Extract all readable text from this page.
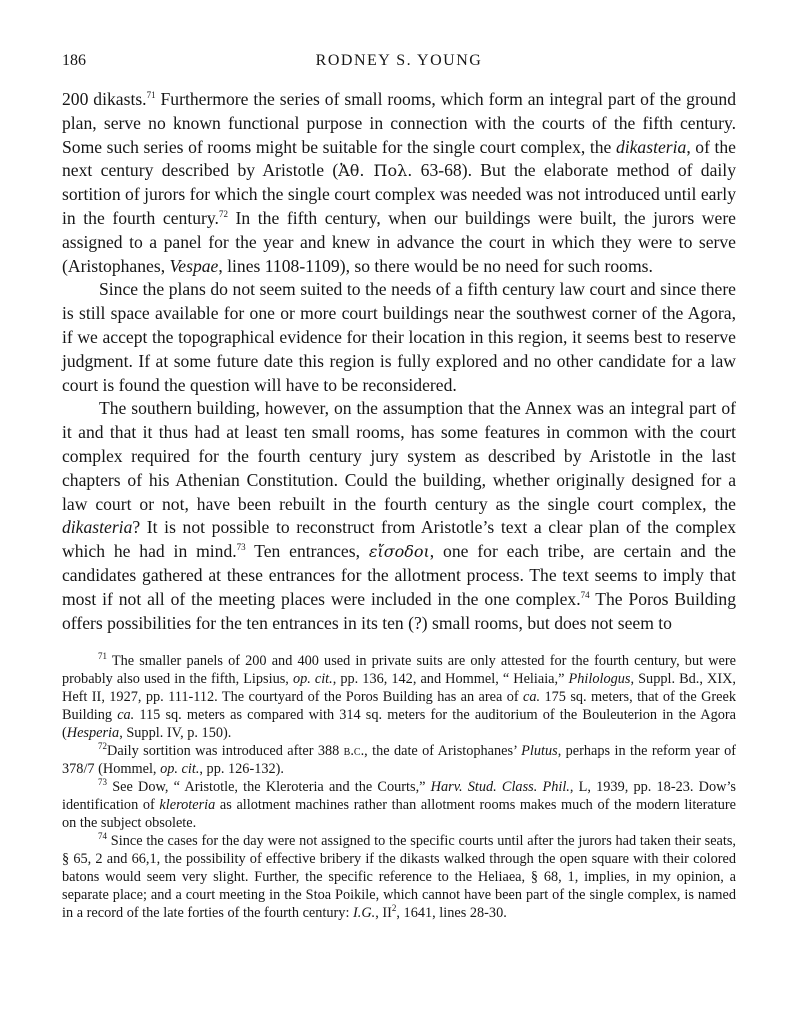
186	RODNEY S. YOUNG

200 dikasts.$^{71}$ Furthermore the series of small rooms, which form an integral part of the ground plan, serve no known functional purpose in connection with the courts of the fifth century. Some such series of rooms might be suitable for the single court complex, the dikasteria, of the next century described by Aristotle (Ἀθ. Πολ. 63-68). But the elaborate method of daily sortition of jurors for which the single court complex was needed was not introduced until early in the fourth century.$^{72}$ In the fifth century, when our buildings were built, the jurors were assigned to a panel for the year and knew in advance the court in which they were to serve (Aristophanes, Vespae, lines 1108-1109), so there would be no need for such rooms.

Since the plans do not seem suited to the needs of a fifth century law court and since there is still space available for one or more court buildings near the southwest corner of the Agora, if we accept the topographical evidence for their location in this region, it seems best to reserve judgment. If at some future date this region is fully explored and no other candidate for a law court is found the question will have to be reconsidered.

The southern building, however, on the assumption that the Annex was an integral part of it and that it thus had at least ten small rooms, has some features in common with the court complex required for the fourth century jury system as described by Aristotle in the last chapters of his Athenian Constitution. Could the building, whether originally designed for a law court or not, have been rebuilt in the fourth century as the single court complex, the dikasteria? It is not possible to reconstruct from Aristotle’s text a clear plan of the complex which he had in mind.$^{73}$ Ten entrances, εἴσοδοι, one for each tribe, are certain and the candidates gathered at these entrances for the allotment process. The text seems to imply that most if not all of the meeting places were included in the one complex.$^{74}$ The Poros Building offers possibilities for the ten entrances in its ten (?) small rooms, but does not seem to

$^{71}$ The smaller panels of 200 and 400 used in private suits are only attested for the fourth century, but were probably also used in the fifth, Lipsius, op. cit., pp. 136, 142, and Hommel, “ Heliaia,” Philologus, Suppl. Bd., XIX, Heft II, 1927, pp. 111-112. The courtyard of the Poros Building has an area of ca. 175 sq. meters, that of the Greek Building ca. 115 sq. meters as compared with 314 sq. meters for the auditorium of the Bouleuterion in the Agora (Hesperia, Suppl. IV, p. 150).

$^{72}$Daily sortition was introduced after 388 b.c., the date of Aristophanes’ Plutus, perhaps in the reform year of 378/7 (Hommel, op. cit., pp. 126-132).

$^{73}$ See Dow, “ Aristotle, the Kleroteria and the Courts,” Harv. Stud. Class. Phil., L, 1939, pp. 18-23. Dow’s identification of kleroteria as allotment machines rather than allotment rooms makes much of the modern literature on the subject obsolete.

$^{74}$ Since the cases for the day were not assigned to the specific courts until after the jurors had taken their seats, § 65, 2 and 66,1, the possibility of effective bribery if the dikasts walked through the open square with their colored batons would seem very slight. Further, the specific reference to the Heliaea, § 68, 1, implies, in my opinion, a separate place; and a court meeting in the Stoa Poikile, which cannot have been part of the single complex, is named in a record of the late forties of the fourth century: I.G., $II^2$, 1641, lines 28-30.
